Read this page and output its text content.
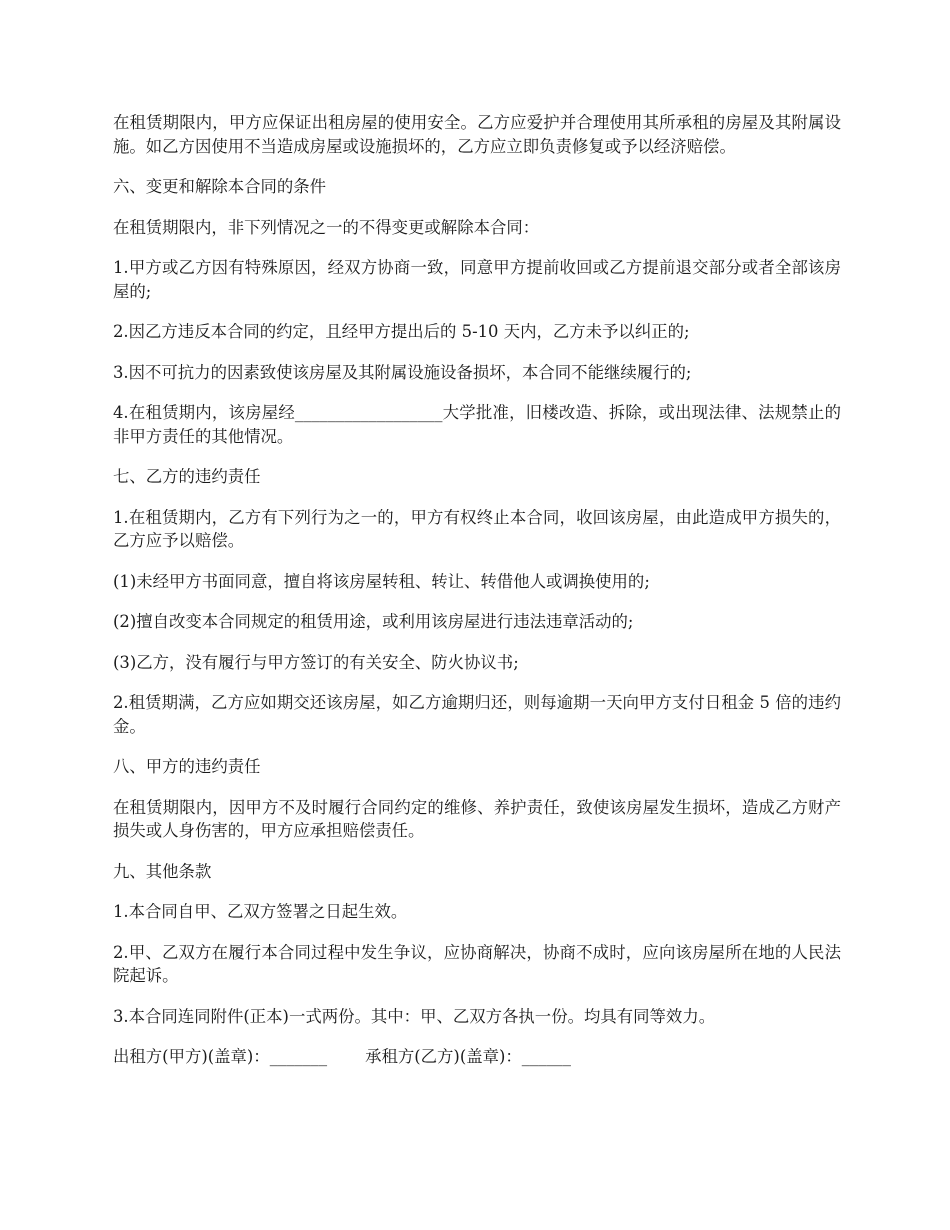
在租赁期限内，甲方应保证出租房屋的使用安全。乙方应爱护并合理使用其所承租的房屋及其附属设施。如乙方因使用不当造成房屋或设施损坏的，乙方应立即负责修复或予以经济赔偿。

六、变更和解除本合同的条件

在租赁期限内，非下列情况之一的不得变更或解除本合同：

1.甲方或乙方因有特殊原因，经双方协商一致，同意甲方提前收回或乙方提前退交部分或者全部该房屋的;

2.因乙方违反本合同的约定，且经甲方提出后的 5-10 天内，乙方未予以纠正的;

3.因不可抗力的因素致使该房屋及其附属设施设备损坏，本合同不能继续履行的;

4.在租赁期内，该房屋经__________________大学批准，旧楼改造、拆除，或出现法律、法规禁止的非甲方责任的其他情况。

七、乙方的违约责任

1.在租赁期内，乙方有下列行为之一的，甲方有权终止本合同，收回该房屋，由此造成甲方损失的，乙方应予以赔偿。

(1)未经甲方书面同意，擅自将该房屋转租、转让、转借他人或调换使用的;

(2)擅自改变本合同规定的租赁用途，或利用该房屋进行违法违章活动的;

(3)乙方，没有履行与甲方签订的有关安全、防火协议书;

2.租赁期满，乙方应如期交还该房屋，如乙方逾期归还，则每逾期一天向甲方支付日租金 5 倍的违约金。

八、甲方的违约责任

在租赁期限内，因甲方不及时履行合同约定的维修、养护责任，致使该房屋发生损坏，造成乙方财产损失或人身伤害的，甲方应承担赔偿责任。

九、其他条款

1.本合同自甲、乙双方签署之日起生效。

2.甲、乙双方在履行本合同过程中发生争议，应协商解决，协商不成时，应向该房屋所在地的人民法院起诉。

3.本合同连同附件(正本)一式两份。其中：甲、乙双方各执一份。均具有同等效力。

出租方(甲方)(盖章)：_______ 承租方(乙方)(盖章)：______
